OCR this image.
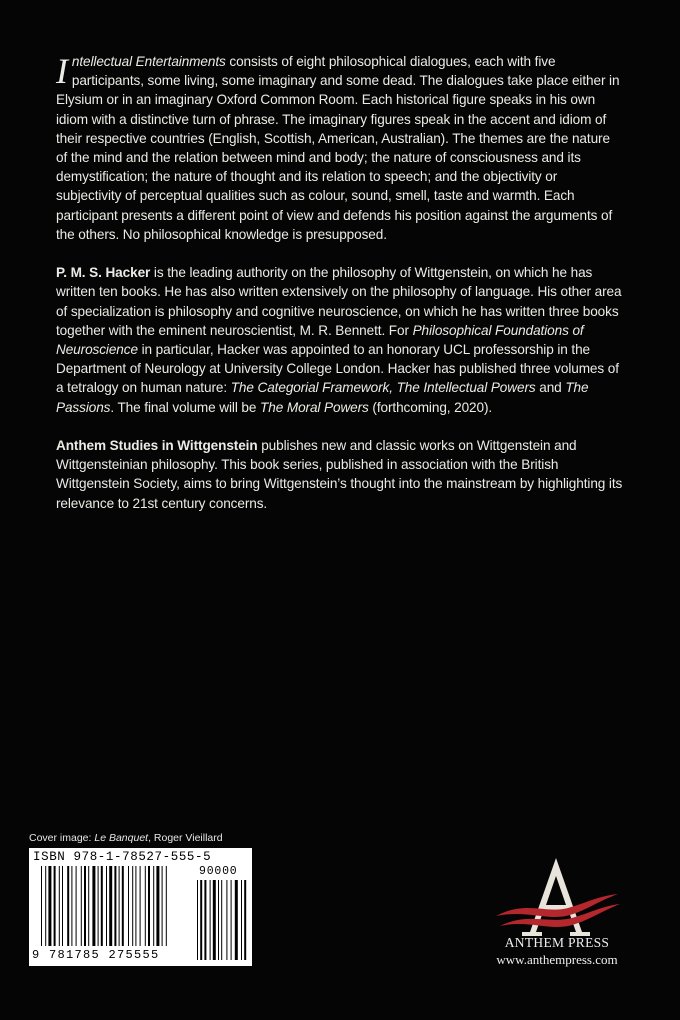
Intellectual Entertainments consists of eight philosophical dialogues, each with five participants, some living, some imaginary and some dead. The dialogues take place either in Elysium or in an imaginary Oxford Common Room. Each historical figure speaks in his own idiom with a distinctive turn of phrase. The imaginary figures speak in the accent and idiom of their respective countries (English, Scottish, American, Australian). The themes are the nature of the mind and the relation between mind and body; the nature of consciousness and its demystification; the nature of thought and its relation to speech; and the objectivity or subjectivity of perceptual qualities such as colour, sound, smell, taste and warmth. Each participant presents a different point of view and defends his position against the arguments of the others. No philosophical knowledge is presupposed.

P. M. S. Hacker is the leading authority on the philosophy of Wittgenstein, on which he has written ten books. He has also written extensively on the philosophy of language. His other area of specialization is philosophy and cognitive neuroscience, on which he has written three books together with the eminent neuroscientist, M. R. Bennett. For Philosophical Foundations of Neuroscience in particular, Hacker was appointed to an honorary UCL professorship in the Department of Neurology at University College London. Hacker has published three volumes of a tetralogy on human nature: The Categorial Framework, The Intellectual Powers and The Passions. The final volume will be The Moral Powers (forthcoming, 2020).

Anthem Studies in Wittgenstein publishes new and classic works on Wittgenstein and Wittgensteinian philosophy. This book series, published in association with the British Wittgenstein Society, aims to bring Wittgenstein’s thought into the mainstream by highlighting its relevance to 21st century concerns.

Cover image: Le Banquet, Roger Vieillard
ISBN 978-1-78527-555-5
90000
9 781785 275555
ANTHEM PRESS
www.anthempress.com
